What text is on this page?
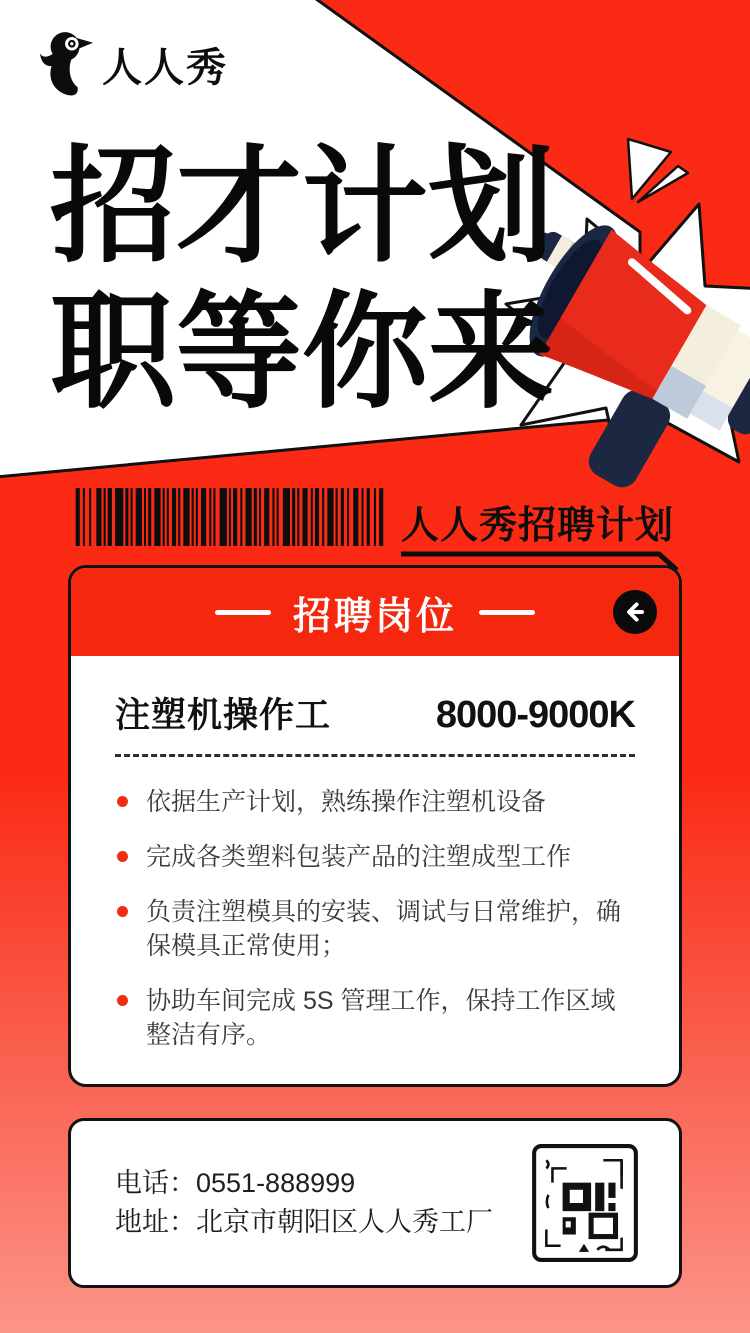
人人秀
招才计划
职等你来
人人秀招聘计划
招聘岗位
注塑机操作工	8000-9000K
依据生产计划，熟练操作注塑机设备
完成各类塑料包装产品的注塑成型工作
负责注塑模具的安装、调试与日常维护，确保模具正常使用；
协助车间完成 5S 管理工作，保持工作区域整洁有序。
电话：0551-888999
地址：北京市朝阳区人人秀工厂
